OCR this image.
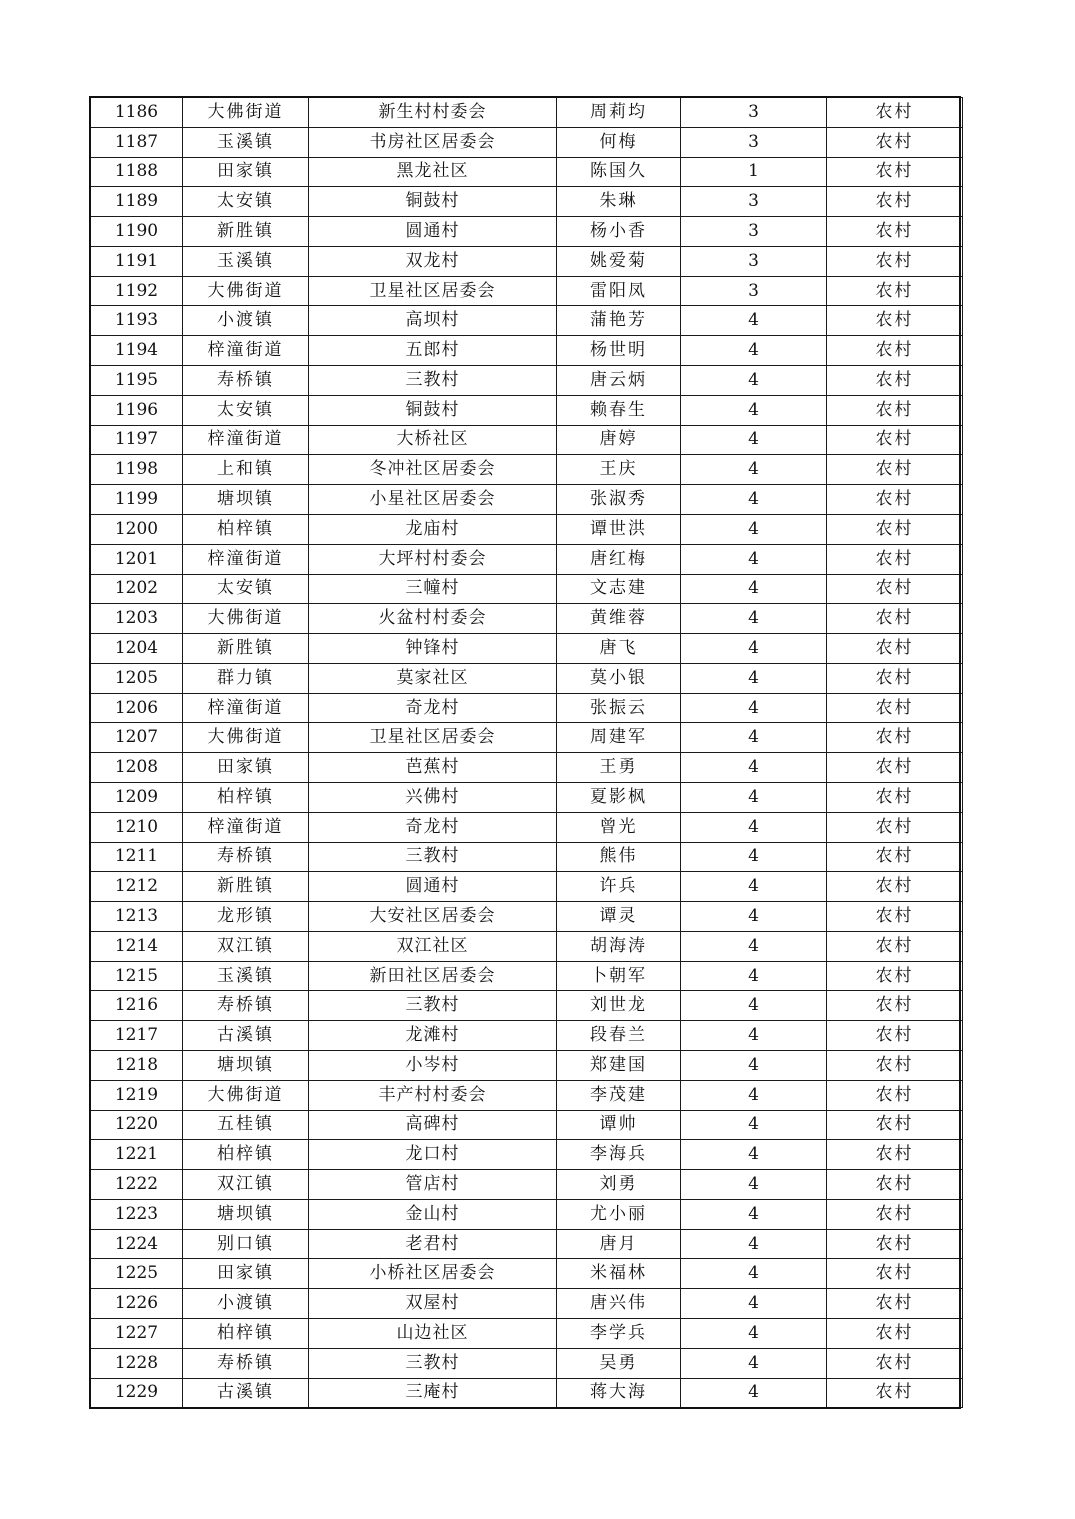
1186	大佛街道	新生村村委会	周莉均	3	农村
1187	玉溪镇	书房社区居委会	何梅	3	农村
1188	田家镇	黑龙社区	陈国久	1	农村
1189	太安镇	铜鼓村	朱琳	3	农村
1190	新胜镇	圆通村	杨小香	3	农村
1191	玉溪镇	双龙村	姚爱菊	3	农村
1192	大佛街道	卫星社区居委会	雷阳凤	3	农村
1193	小渡镇	高坝村	蒲艳芳	4	农村
1194	梓潼街道	五郎村	杨世明	4	农村
1195	寿桥镇	三教村	唐云炳	4	农村
1196	太安镇	铜鼓村	赖春生	4	农村
1197	梓潼街道	大桥社区	唐婷	4	农村
1198	上和镇	冬冲社区居委会	王庆	4	农村
1199	塘坝镇	小星社区居委会	张淑秀	4	农村
1200	柏梓镇	龙庙村	谭世洪	4	农村
1201	梓潼街道	大坪村村委会	唐红梅	4	农村
1202	太安镇	三幢村	文志建	4	农村
1203	大佛街道	火盆村村委会	黄维蓉	4	农村
1204	新胜镇	钟锋村	唐飞	4	农村
1205	群力镇	莫家社区	莫小银	4	农村
1206	梓潼街道	奇龙村	张振云	4	农村
1207	大佛街道	卫星社区居委会	周建军	4	农村
1208	田家镇	芭蕉村	王勇	4	农村
1209	柏梓镇	兴佛村	夏影枫	4	农村
1210	梓潼街道	奇龙村	曾光	4	农村
1211	寿桥镇	三教村	熊伟	4	农村
1212	新胜镇	圆通村	许兵	4	农村
1213	龙形镇	大安社区居委会	谭灵	4	农村
1214	双江镇	双江社区	胡海涛	4	农村
1215	玉溪镇	新田社区居委会	卜朝军	4	农村
1216	寿桥镇	三教村	刘世龙	4	农村
1217	古溪镇	龙滩村	段春兰	4	农村
1218	塘坝镇	小岑村	郑建国	4	农村
1219	大佛街道	丰产村村委会	李茂建	4	农村
1220	五桂镇	高碑村	谭帅	4	农村
1221	柏梓镇	龙口村	李海兵	4	农村
1222	双江镇	管店村	刘勇	4	农村
1223	塘坝镇	金山村	尤小丽	4	农村
1224	别口镇	老君村	唐月	4	农村
1225	田家镇	小桥社区居委会	米福林	4	农村
1226	小渡镇	双屋村	唐兴伟	4	农村
1227	柏梓镇	山边社区	李学兵	4	农村
1228	寿桥镇	三教村	吴勇	4	农村
1229	古溪镇	三庵村	蒋大海	4	农村
